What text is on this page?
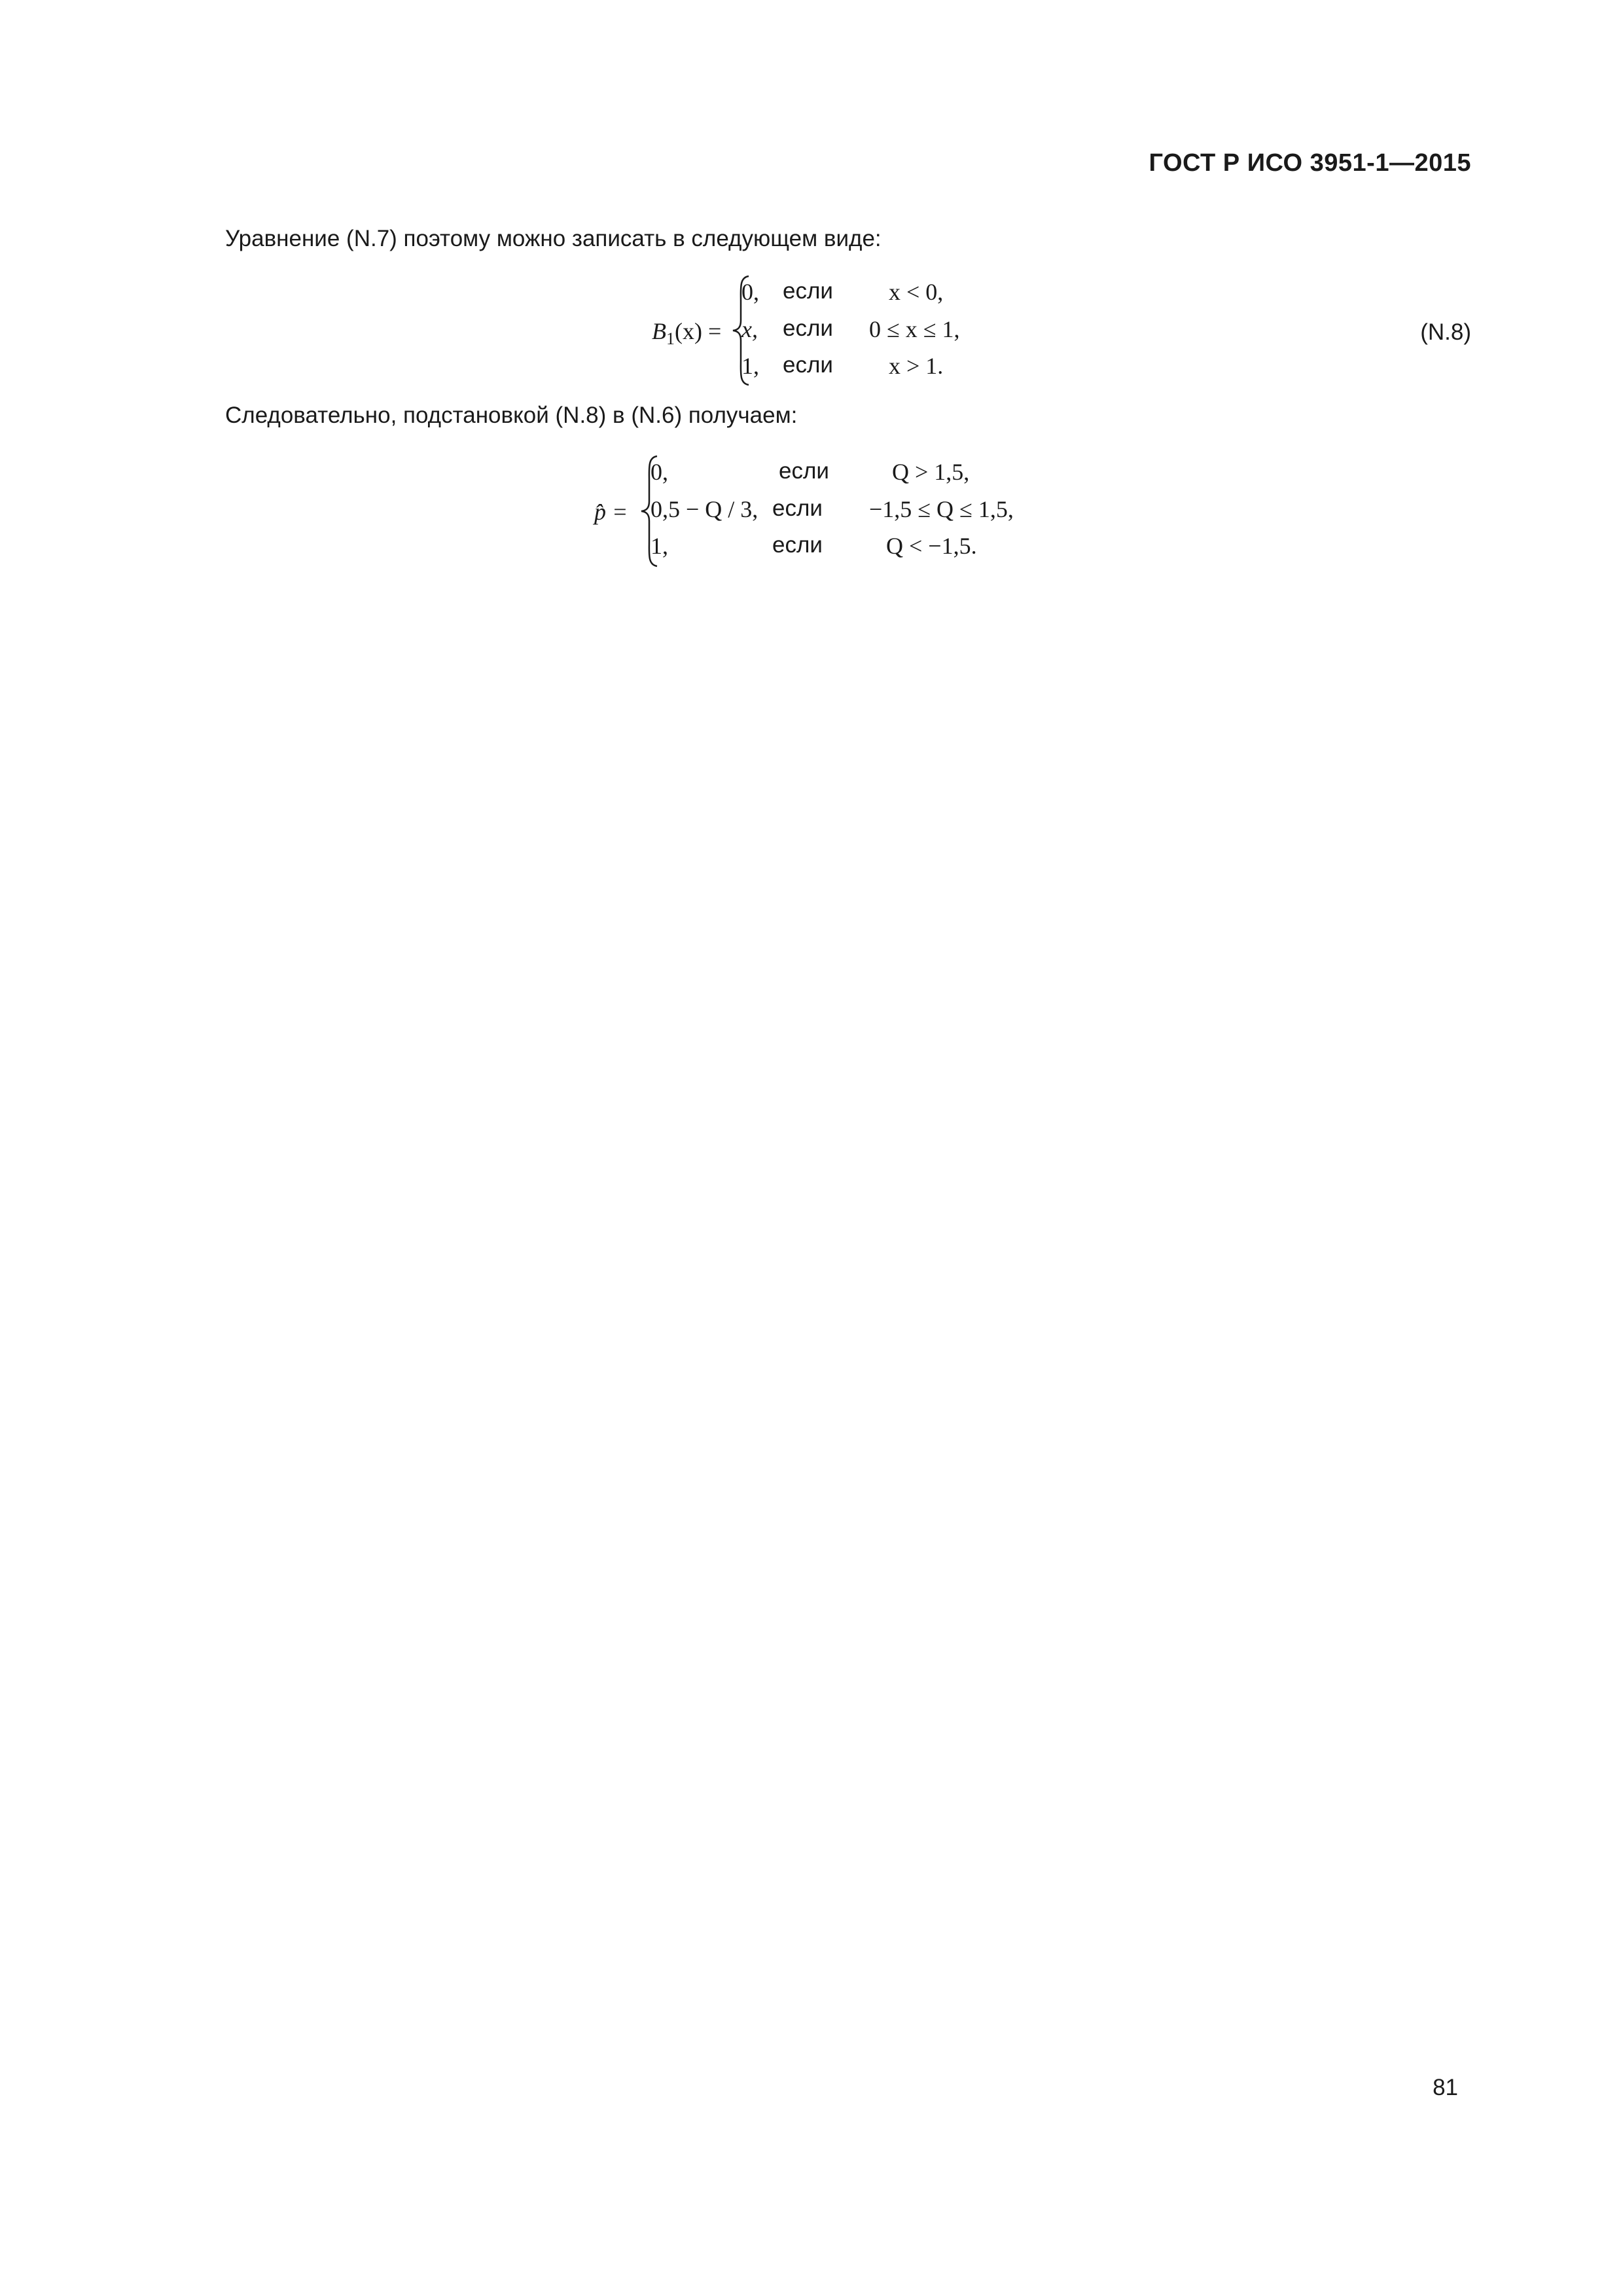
ГОСТ Р ИСО 3951-1—2015
Уравнение (N.7) поэтому можно записать в следующем виде:
$B_1(x)$ =
0, если x < 0,
x, если 0 ≤ x ≤ 1,
1, если x > 1.
(N.8)
Следовательно, подстановкой (N.8) в (N.6) получаем:
p̂ =
0,	если	Q > 1,5,
0,5 − Q / 3, если −1,5 ≤ Q ≤ 1,5,
1,	если	Q < −1,5.
81
